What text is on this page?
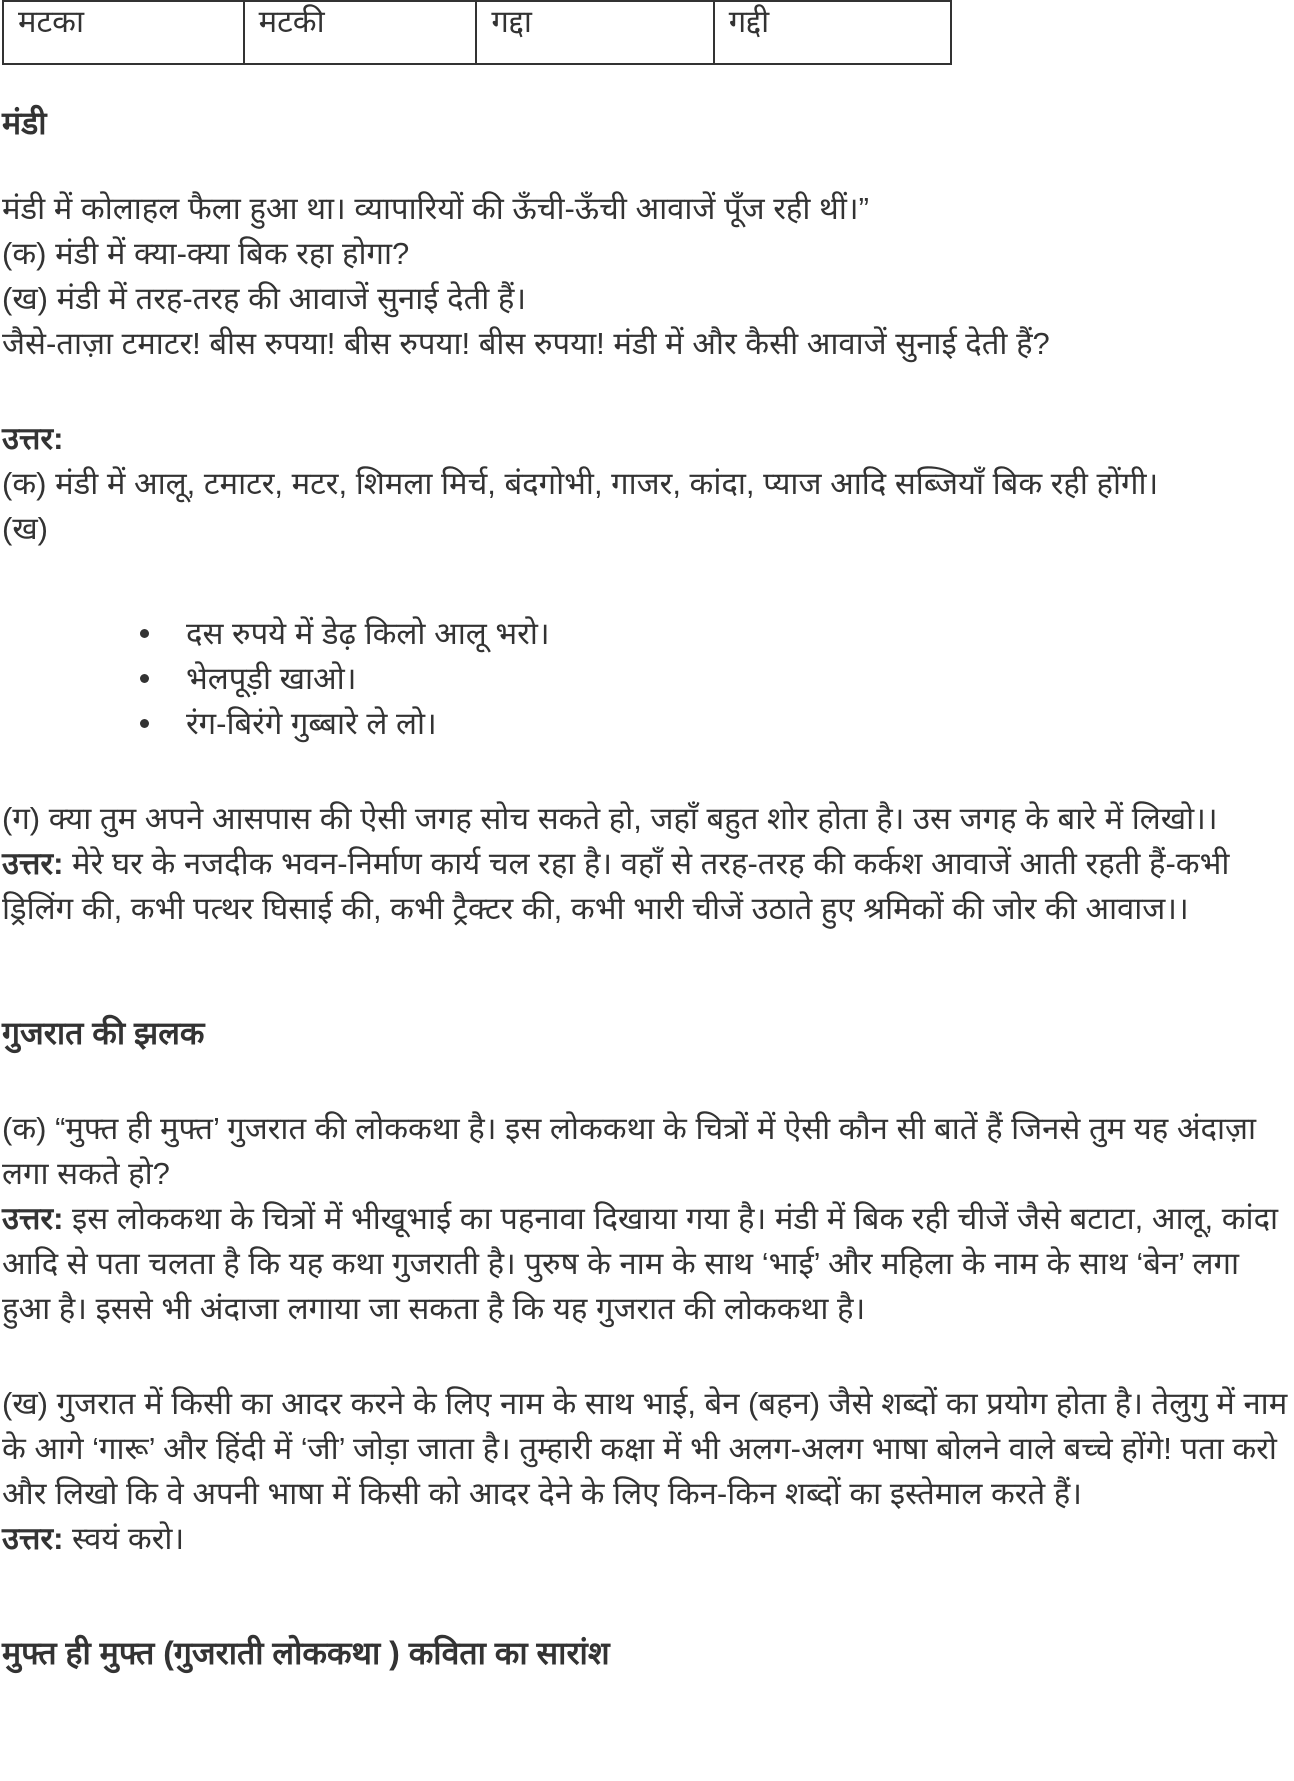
मटका	मटकी	गद्दा	गद्दी
मंडी

मंडी में कोलाहल फैला हुआ था। व्यापारियों की ऊँची-ऊँची आवाजें पूँज रही थीं।”

(क) मंडी में क्या-क्या बिक रहा होगा?

(ख) मंडी में तरह-तरह की आवाजें सुनाई देती हैं।

जैसे-ताज़ा टमाटर! बीस रुपया! बीस रुपया! बीस रुपया! मंडी में और कैसी आवाजें सुनाई देती हैं?

उत्तर:

(क) मंडी में आलू, टमाटर, मटर, शिमला मिर्च, बंदगोभी, गाजर, कांदा, प्याज आदि सब्जियाँ बिक रही होंगी।

(ख)

दस रुपये में डेढ़ किलो आलू भरो।
भेलपूड़ी खाओ।
रंग-बिरंगे गुब्बारे ले लो।

(ग) क्या तुम अपने आसपास की ऐसी जगह सोच सकते हो, जहाँ बहुत शोर होता है। उस जगह के बारे में लिखो।।

उत्तर: मेरे घर के नजदीक भवन-निर्माण कार्य चल रहा है। वहाँ से तरह-तरह की कर्कश आवाजें आती रहती हैं-कभी ड्रिलिंग की, कभी पत्थर घिसाई की, कभी ट्रैक्टर की, कभी भारी चीजें उठाते हुए श्रमिकों की जोर की आवाज।।

गुजरात की झलक

(क) “मुफ्त ही मुफ्त’ गुजरात की लोककथा है। इस लोककथा के चित्रों में ऐसी कौन सी बातें हैं जिनसे तुम यह अंदाज़ा लगा सकते हो?

उत्तर: इस लोककथा के चित्रों में भीखूभाई का पहनावा दिखाया गया है। मंडी में बिक रही चीजें जैसे बटाटा, आलू, कांदा आदि से पता चलता है कि यह कथा गुजराती है। पुरुष के नाम के साथ ‘भाई’ और महिला के नाम के साथ ‘बेन’ लगा हुआ है। इससे भी अंदाजा लगाया जा सकता है कि यह गुजरात की लोककथा है।

(ख) गुजरात में किसी का आदर करने के लिए नाम के साथ भाई, बेन (बहन) जैसे शब्दों का प्रयोग होता है। तेलुगु में नाम के आगे ‘गारू’ और हिंदी में ‘जी’ जोड़ा जाता है। तुम्हारी कक्षा में भी अलग-अलग भाषा बोलने वाले बच्चे होंगे! पता करो और लिखो कि वे अपनी भाषा में किसी को आदर देने के लिए किन-किन शब्दों का इस्तेमाल करते हैं।

उत्तर: स्वयं करो।

मुफ्त ही मुफ्त (गुजराती लोककथा ) कविता का सारांश
